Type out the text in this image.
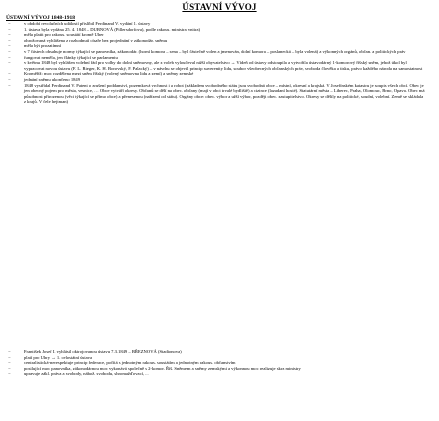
ÚSTAVNÍ VÝVOJ
ÚSTAVNÍ VÝVOJ 1848-1918
− v období revolučních událostí přislíbil Ferdinand V. vydání 1. ústavy
− 1. ústava byla vydána 25. 4. 1848 – DUBNOVÁ (Pillersdorfova), podle rakous. ministra vnitra)
− měla platit pro rakous. soustátí kromě Uher
− ohrožovaná vyhlášena z rozhodnutí císaře bez projednání v zákonodár. sněmu
− měla být prozatímní
− v 7 částech obsahuje normy týkající se panovníka, zákonodár. (horní komora – sena – byl částečně volen a jmenován, dolní komora – poslanecká – byla volená) a výkonných orgánů, občan. a politických práv
− fungovat neměla, jen články týkající se parlamentu
− v květnu 1848 byl vyhlášen volební řád pro volby do dolní sněmovny, ale z voleb vyloučeval nižší obyvatelstvo → Vídeň od ústavy odstoupila a vytvořila ústavodárný 1-komorový říšský sněm, jehož úkol byl vypracovat novou ústavu (F. L. Rieger, K. H. Borovský, F. Palacký) – v návrhu se objevil princip suverenity lidu, soubor všeobecných občanských práv, svoboda člověka a tisku, právo každého národa na samostatnost
− Kroměříž: moc rozdělena mezi sněm říšský (volený sněmovna lidu a zemí) a sněmy zemské
− jednání sněmu ukončeno 1849
− 1848 vystřídal Ferdinand V. Patent o zrušení poddanství, pozemková vrchnost i a robot (základem svobodného státu jsou svobodná obce – místní, okresní a krajská. V Josefínském katastru je soupis všech obcí. Obec je jen obecný pojem pro města, vesnice, … Obce vytváří okresy. Občanů se dělí na obec. občany (mají v obci trvalé bydliště) a cizince (lazadaní hosté). Statutární města – Liberec, Praha, Olomouc, Brno, Opava. Obec má působnost přirozenou (věci týkající se přímo obce) a přenesenou (nařízení od státu). Orgány obce: obec. výbor a užší výbor, později obec. zastupitelstvo. Okresy se dělily na politické, soudní, volební. Země se skládala z krajů. V čele hejtman)
− František Josef I. vyhlásil oktrojovanou ústavu 7.3.1849 – BŘEZNOVÁ (Stadionova)
− platí pro Uhry → 1. celostátní ústava
− centralistická-nerespektuje princip federace, počítá s jednotným rakous. soustátím a jednotným rakous. občanstvím
− posilující moc panovníka, zákonodárnou moc vykonává společně s 2-komor. Říš. Sněmem a sněmy zemskými a výkonnou moc realizuje skrz ministry
− upravuje zákl. práva a svobody, nábož. svobodu, shromažďovací, ...
